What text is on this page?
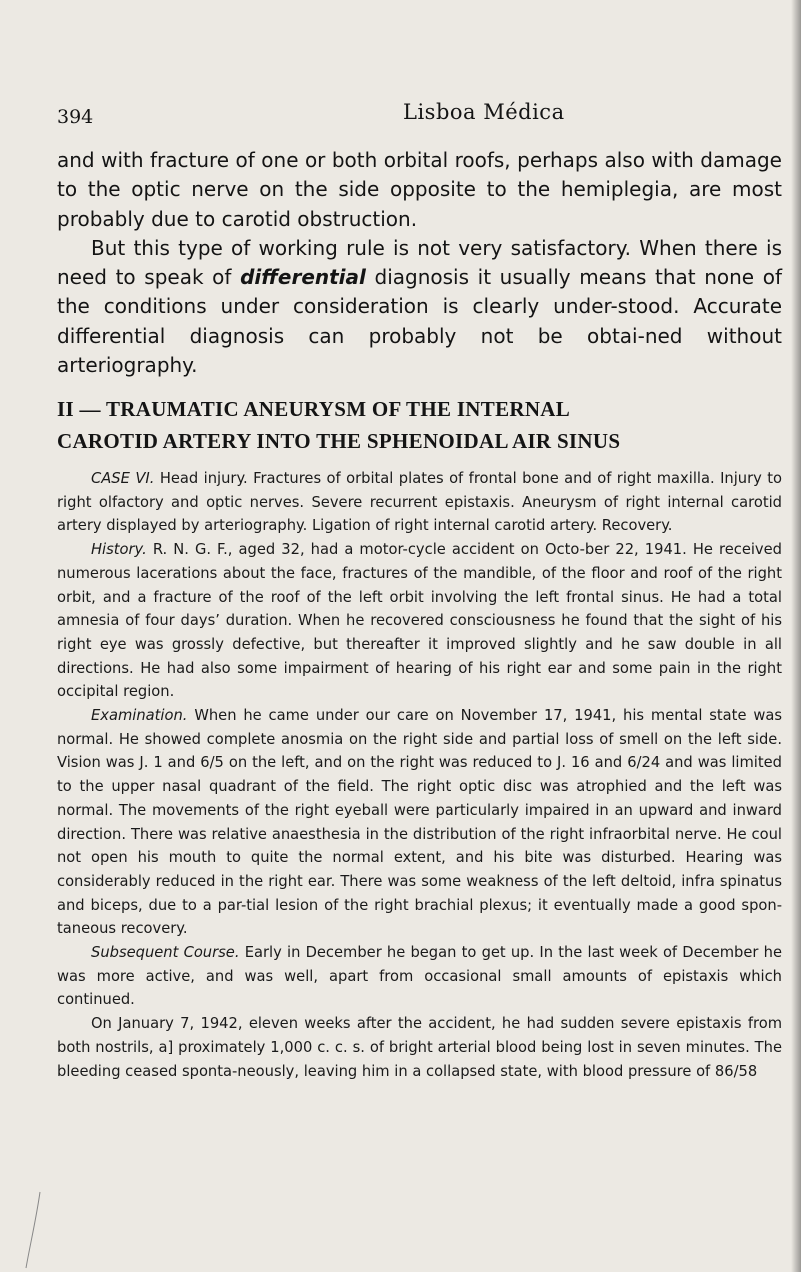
394	Lisboa Médica

and with fracture of one or both orbital roofs, perhaps also with damage to the optic nerve on the side opposite to the hemiplegia, are most probably due to carotid obstruction.

But this type of working rule is not very satisfactory. When there is need to speak of differential diagnosis it usually means that none of the conditions under consideration is clearly under-stood. Accurate differential diagnosis can probably not be obtai-ned without arteriography.

II — TRAUMATIC ANEURYSM OF THE INTERNAL
CAROTID ARTERY INTO THE SPHENOIDAL AIR SINUS

CASE VI. Head injury. Fractures of orbital plates of frontal bone and of right maxilla. Injury to right olfactory and optic nerves. Severe recurrent epistaxis. Aneurysm of right internal carotid artery displayed by arteriography. Ligation of right internal carotid artery. Recovery.

History. R. N. G. F., aged 32, had a motor-cycle accident on Octo-ber 22, 1941. He received numerous lacerations about the face, fractures of the mandible, of the floor and roof of the right orbit, and a fracture of the roof of the left orbit involving the left frontal sinus. He had a total amnesia of four days’ duration. When he recovered consciousness he found that the sight of his right eye was grossly defective, but thereafter it improved slightly and he saw double in all directions. He had also some impairment of hearing of his right ear and some pain in the right occipital region.

Examination. When he came under our care on November 17, 1941, his mental state was normal. He showed complete anosmia on the right side and partial loss of smell on the left side. Vision was J. 1 and 6/5 on the left, and on the right was reduced to J. 16 and 6/24 and was limited to the upper nasal quadrant of the field. The right optic disc was atrophied and the left was normal. The movements of the right eyeball were particularly impaired in an upward and inward direction. There was relative anaesthesia in the distribution of the right infraorbital nerve. He coul not open his mouth to quite the normal extent, and his bite was disturbed. Hearing was considerably reduced in the right ear. There was some weakness of the left deltoid, infra spinatus and biceps, due to a par-tial lesion of the right brachial plexus; it eventually made a good spon-taneous recovery.

Subsequent Course. Early in December he began to get up. In the last week of December he was more active, and was well, apart from occasional small amounts of epistaxis which continued.

On January 7, 1942, eleven weeks after the accident, he had sudden severe epistaxis from both nostrils, a] proximately 1,000 c. c. s. of bright arterial blood being lost in seven minutes. The bleeding ceased sponta-neously, leaving him in a collapsed state, with blood pressure of 86/58
